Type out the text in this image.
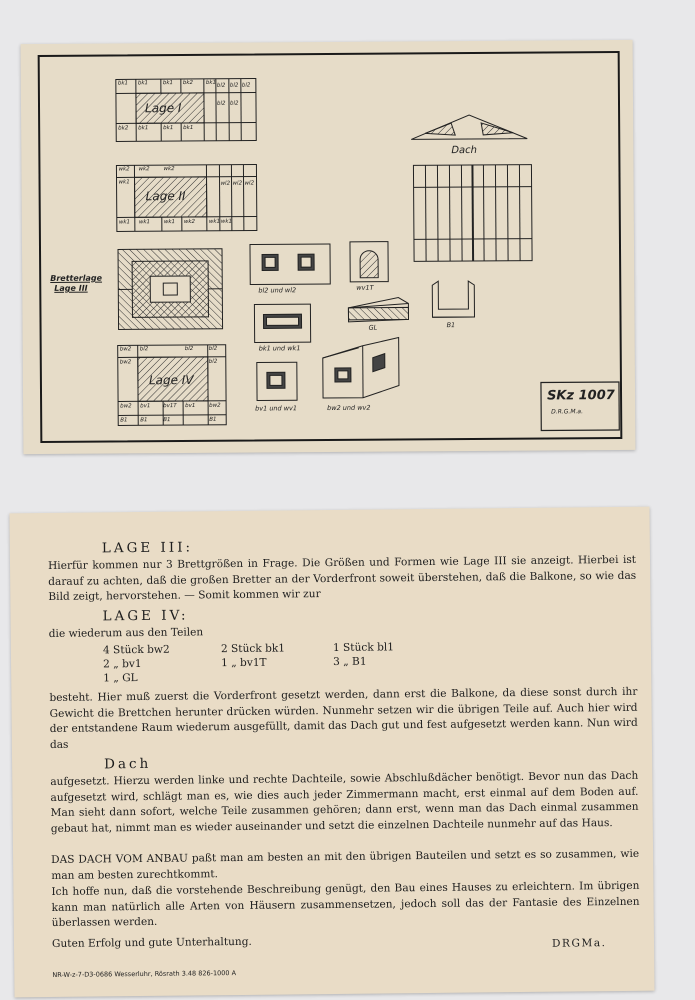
Lage I
Lage II
Lage IV
Bretterlage
Lage III
Dach
bl2 und wl2	wv1T
bk1 und wk1
GL	B1
bv1 und wv1	bw2 und wv2
SKz 1007
D.R.G.M.a.
bk1 bk1	bk1 bk2 bk1 bl2 bl2 bl2
bl2 bl2
bk2 bk1	bk1 bk1
wk2 wk2	wk2
wk1
wk1 wk1	wk1 wk2
wl2 wl2 wl2
wk1 wk1
bw2 bl2	bl2	bl2
bl2
bw2
bw2	bw2
bv1 bv1T bv1
B1 B1	B1	B1
LAGE III:

Hierfür kommen nur 3 Brettgrößen in Frage. Die Größen und Formen wie Lage III sie anzeigt. Hierbei ist darauf zu achten, daß die großen Bretter an der Vorderfront soweit überstehen, daß die Balkone, so wie das Bild zeigt, hervorstehen. — Somit kommen wir zur

LAGE IV:

die wiederum aus den Teilen

4 Stück bw2	2 Stück bk1	1 Stück bl1
2 „ bv1	1 „ bv1T	3 „ B1
1 „ GL

besteht. Hier muß zuerst die Vorderfront gesetzt werden, dann erst die Balkone, da diese sonst durch ihr Gewicht die Brettchen herunter drücken würden. Nunmehr setzen wir die übrigen Teile auf. Auch hier wird der entstandene Raum wiederum ausgefüllt, damit das Dach gut und fest aufgesetzt werden kann. Nun wird das

Dach

aufgesetzt. Hierzu werden linke und rechte Dachteile, sowie Abschlußdächer benötigt. Bevor nun das Dach aufgesetzt wird, schlägt man es, wie dies auch jeder Zimmermann macht, erst einmal auf dem Boden auf. Man sieht dann sofort, welche Teile zusammen gehören; dann erst, wenn man das Dach einmal zusammen gebaut hat, nimmt man es wieder auseinander und setzt die einzelnen Dachteile nunmehr auf das Haus.

DAS DACH VOM ANBAU paßt man am besten an mit den übrigen Bauteilen und setzt es so zusammen, wie man am besten zurechtkommt.

Ich hoffe nun, daß die vorstehende Beschreibung genügt, den Bau eines Hauses zu erleichtern. Im übrigen kann man natürlich alle Arten von Häusern zusammensetzen, jedoch soll das der Fantasie des Einzelnen überlassen werden.

Guten Erfolg und gute Unterhaltung.	DRGMa.
NR-W-z-7-D3-0686 Wesserluhr, Rösrath 3.48 826-1000 A
